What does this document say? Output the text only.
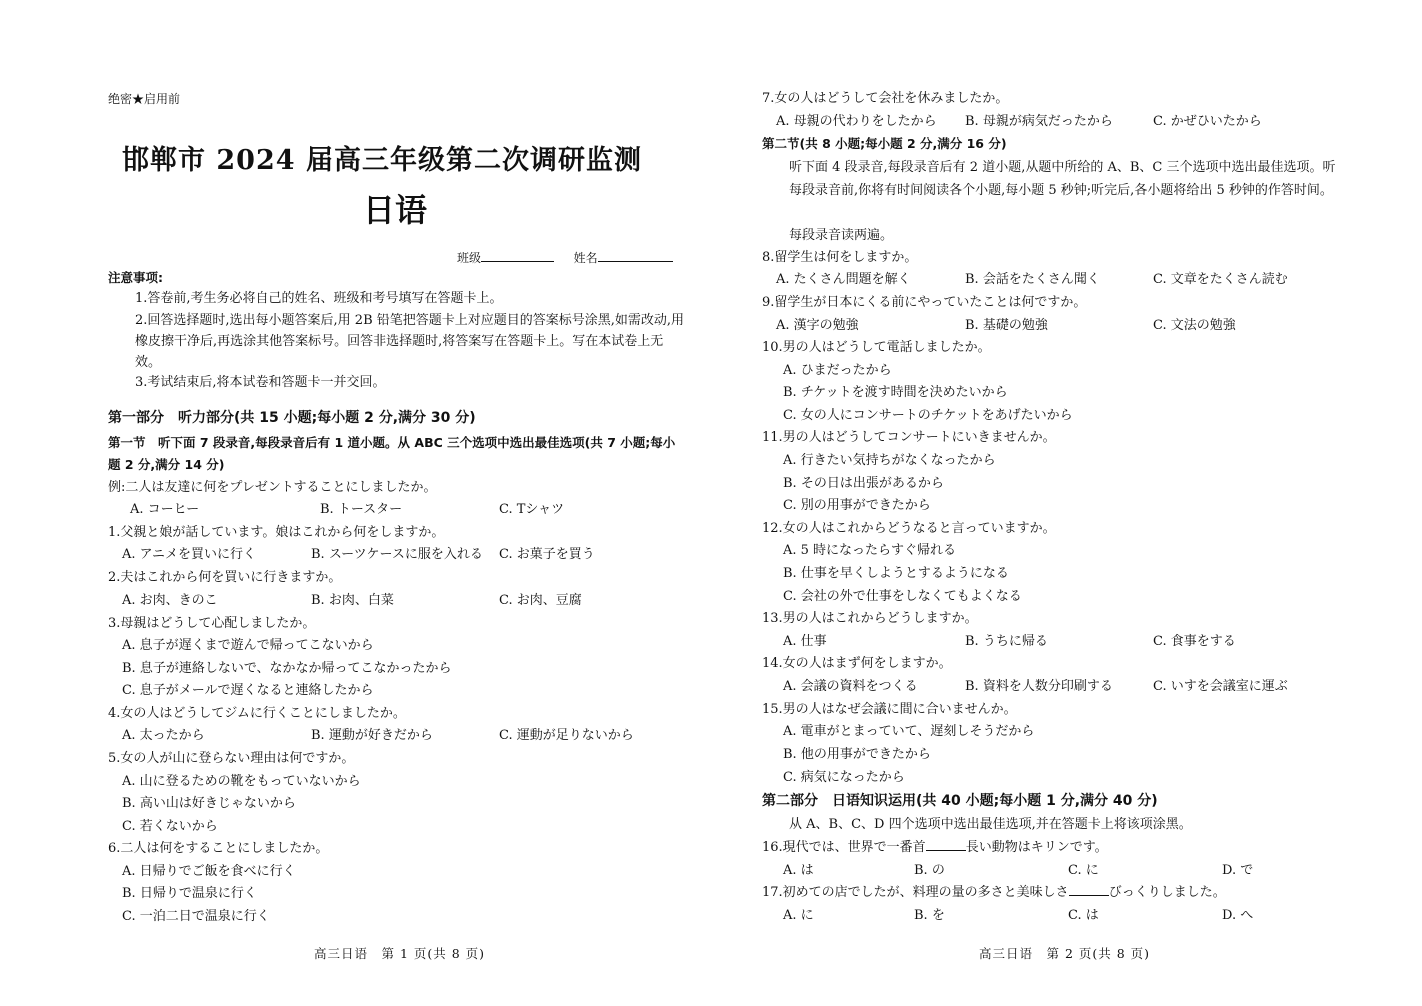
绝密★启用前
邯郸市 2024 届高三年级第二次调研监测
日语
班级	姓名
注意事项:
1.答卷前,考生务必将自己的姓名、班级和考号填写在答题卡上。
2.回答选择题时,选出每小题答案后,用 2B 铅笔把答题卡上对应题目的答案标号涂黑,如需改动,用橡皮擦干净后,再选涂其他答案标号。回答非选择题时,将答案写在答题卡上。写在本试卷上无效。
3.考试结束后,将本试卷和答题卡一并交回。
第一部分　听力部分(共 15 小题;每小题 2 分,满分 30 分)
第一节　听下面 7 段录音,每段录音后有 1 道小题。从 ABC 三个选项中选出最佳选项(共 7 小题;每小题 2 分,满分 14 分)
例:二人は友達に何をプレゼントすることにしましたか。
A. コーヒー	B. トースター	C. Tシャツ
1.父親と娘が話しています。娘はこれから何をしますか。
A. アニメを買いに行く	B. スーツケースに服を入れる C. お菓子を買う
2.夫はこれから何を買いに行きますか。
A. お肉、きのこ	B. お肉、白菜	C. お肉、豆腐
3.母親はどうして心配しましたか。
A. 息子が遅くまで遊んで帰ってこないから
B. 息子が連絡しないで、なかなか帰ってこなかったから
C. 息子がメールで遅くなると連絡したから
4.女の人はどうしてジムに行くことにしましたか。
A. 太ったから	B. 運動が好きだから	C. 運動が足りないから
5.女の人が山に登らない理由は何ですか。
A. 山に登るための靴をもっていないから
B. 高い山は好きじゃないから
C. 若くないから
6.二人は何をすることにしましたか。
A. 日帰りでご飯を食べに行く
B. 日帰りで温泉に行く
C. 一泊二日で温泉に行く
高三日语　第 1 页(共 8 页)
7.女の人はどうして会社を休みましたか。
A. 母親の代わりをしたから B. 母親が病気だったから	C. かぜひいたから
第二节(共 8 小题;每小题 2 分,满分 16 分)
听下面 4 段录音,每段录音后有 2 道小题,从题中所给的 A、B、C 三个选项中选出最佳选项。听每段录音前,你将有时间阅读各个小题,每小题 5 秒钟;听完后,各小题将给出 5 秒钟的作答时间。
每段录音读两遍。
8.留学生は何をしますか。
A. たくさん問題を解く	B. 会話をたくさん聞く	C. 文章をたくさん読む
9.留学生が日本にくる前にやっていたことは何ですか。
A. 漢字の勉強	B. 基礎の勉強	C. 文法の勉強
10.男の人はどうして電話しましたか。
A. ひまだったから
B. チケットを渡す時間を決めたいから
C. 女の人にコンサートのチケットをあげたいから
11.男の人はどうしてコンサートにいきませんか。
A. 行きたい気持ちがなくなったから
B. その日は出張があるから
C. 別の用事ができたから
12.女の人はこれからどうなると言っていますか。
A. 5 時になったらすぐ帰れる
B. 仕事を早くしようとするようになる
C. 会社の外で仕事をしなくてもよくなる
13.男の人はこれからどうしますか。
A. 仕事	B. うちに帰る	C. 食事をする
14.女の人はまず何をしますか。
A. 会議の資料をつくる	B. 資料を人数分印刷する	C. いすを会議室に運ぶ
15.男の人はなぜ会議に間に合いませんか。
A. 電車がとまっていて、遅刻しそうだから
B. 他の用事ができたから
C. 病気になったから
第二部分　日语知识运用(共 40 小题;每小题 1 分,满分 40 分)
从 A、B、C、D 四个选项中选出最佳选项,并在答题卡上将该项涂黑。
16.現代では、世界で一番首	長い動物はキリンです。
A. は	B. の	C. に	D. で
17.初めての店でしたが、料理の量の多さと美味しさ	びっくりしました。
A. に	B. を	C. は	D. へ
高三日语　第 2 页(共 8 页)
